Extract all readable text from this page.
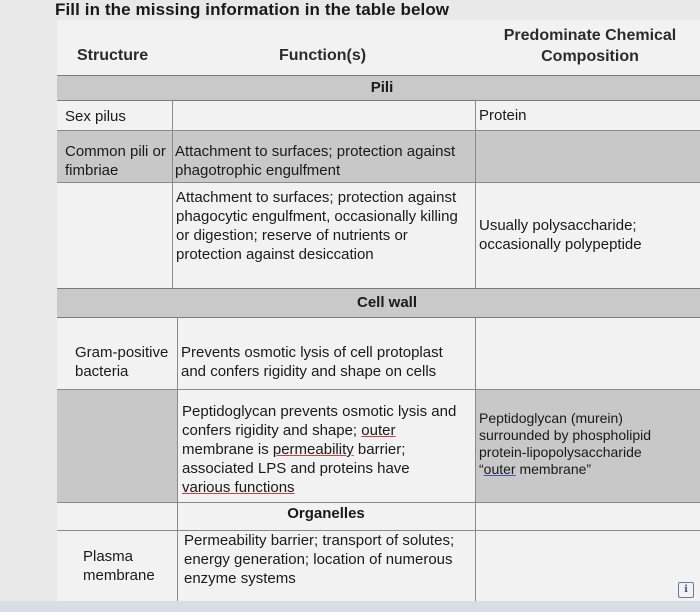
Fill in the missing information in the table below
Structure	Function(s)
Predominate Chemical Composition
Pili
Sex pilus	Protein
Common pili or fimbriae
Attachment to surfaces; protection against phagotrophic engulfment
Attachment to surfaces; protection against phagocytic engulfment, occasionally killing or digestion; reserve of nutrients or protection against desiccation
Usually polysaccharide; occasionally polypeptide
Cell wall
Gram-positive bacteria
Prevents osmotic lysis of cell protoplast and confers rigidity and shape on cells
Peptidoglycan prevents osmotic lysis and
confers rigidity and shape; outer
membrane is permeability barrier;
associated LPS and proteins have
various functions
Peptidoglycan (murein)
surrounded by phospholipid
protein-lipopolysaccharide
“outer membrane”
Organelles
Plasma membrane
Permeability barrier; transport of solutes; energy generation; location of numerous enzyme systems
ℹ
